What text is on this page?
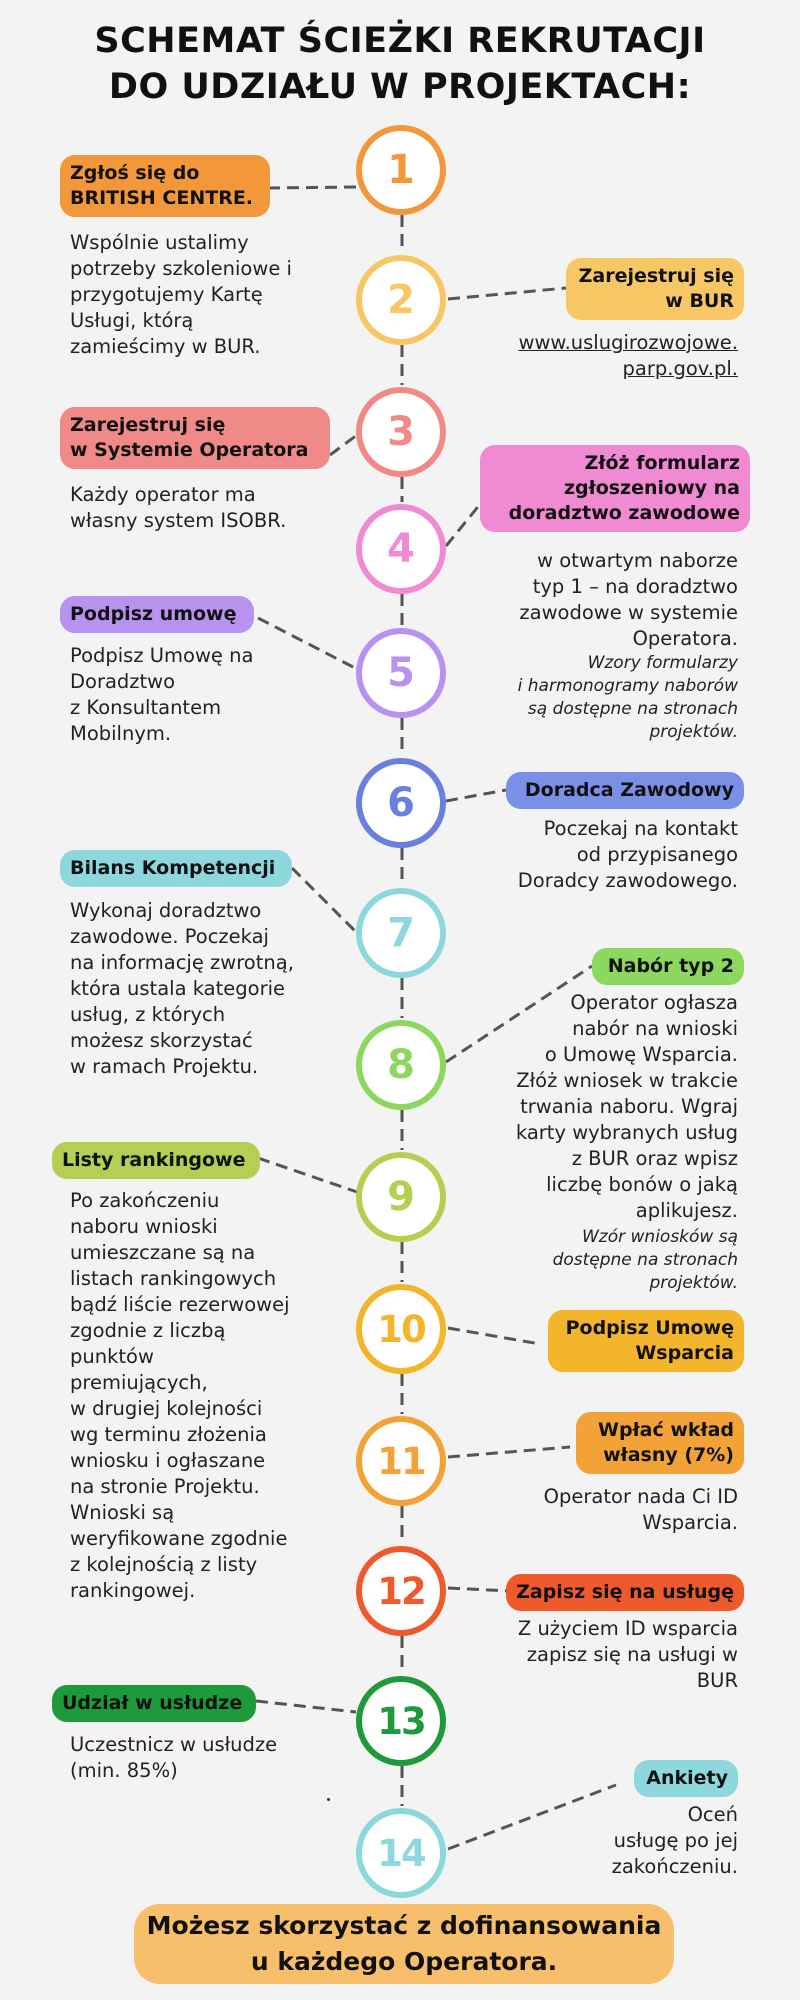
SCHEMAT ŚCIEŻKI REKRUTACJI
DO UDZIAŁU W PROJEKTACH:
1
2
3
4
5
6
7
8
9
10
11
12
13
14
Zgłoś się do
BRITISH CENTRE.
Wspólnie ustalimy
potrzeby szkoleniowe i
przygotujemy Kartę
Usługi, którą
zamieścimy w BUR.
Zarejestruj się
w BUR
www.uslugirozwojowe.
parp.gov.pl.
Zarejestruj się
w Systemie Operatora
Każdy operator ma
własny system ISOBR.
Złóż formularz
zgłoszeniowy na
doradztwo zawodowe
w otwartym naborze
typ 1 – na doradztwo
zawodowe w systemie
Operatora.
Wzory formularzy
i harmonogramy naborów
są dostępne na stronach
projektów.
Podpisz umowę
Podpisz Umowę na
Doradztwo
z Konsultantem
Mobilnym.
Doradca Zawodowy
Poczekaj na kontakt
od przypisanego
Doradcy zawodowego.
Bilans Kompetencji
Wykonaj doradztwo
zawodowe. Poczekaj
na informację zwrotną,
która ustala kategorie
usług, z których
możesz skorzystać
w ramach Projektu.
Nabór typ 2
Operator ogłasza
nabór na wnioski
o Umowę Wsparcia.
Złóż wniosek w trakcie
trwania naboru. Wgraj
karty wybranych usług
z BUR oraz wpisz
liczbę bonów o jaką
aplikujesz.
Wzór wniosków są
dostępne na stronach
projektów.
Listy rankingowe
Po zakończeniu
naboru wnioski
umieszczane są na
listach rankingowych
bądź liście rezerwowej
zgodnie z liczbą
punktów
premiujących,
w drugiej kolejności
wg terminu złożenia
wniosku i ogłaszane
na stronie Projektu.
Wnioski są
weryfikowane zgodnie
z kolejnością z listy
rankingowej.
Podpisz Umowę
Wsparcia
Wpłać wkład
własny (7%)
Operator nada Ci ID
Wsparcia.
Zapisz się na usługę
Z użyciem ID wsparcia
zapisz się na usługi w
BUR
Udział w usłudze
Uczestnicz w usłudze
(min. 85%)	Ankiety
Oceń
usługę po jej
zakończeniu.
Możesz skorzystać z dofinansowania
u każdego Operatora.
